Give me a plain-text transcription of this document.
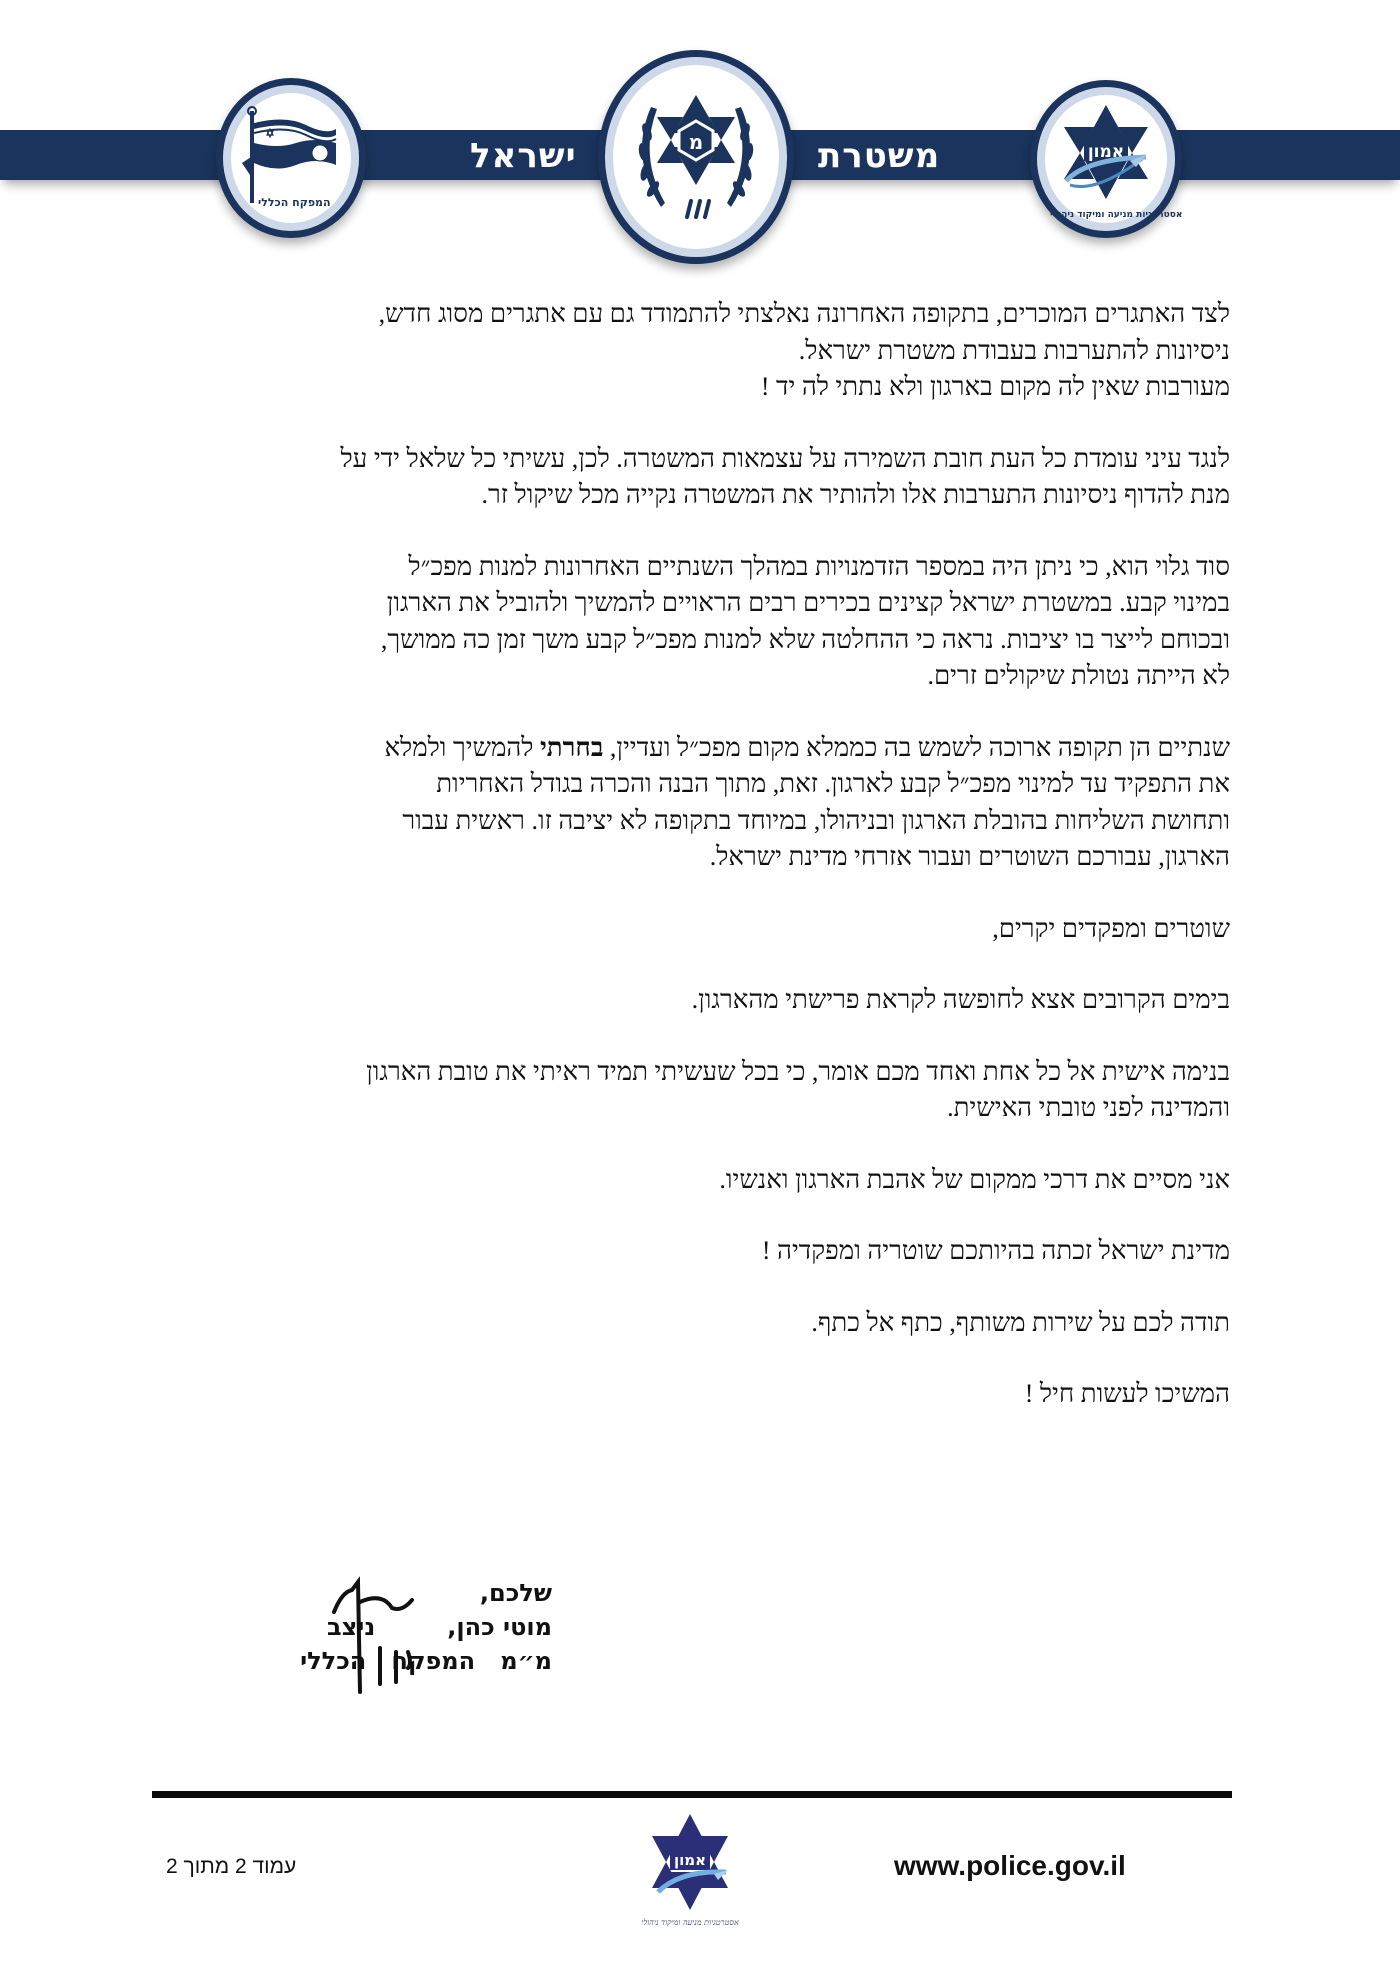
משטרת
ישראל
המפקח הכללי
מ	אמון
אסטרטגיות מניעה ומיקוד ניהולי
לצד האתגרים המוכרים, בתקופה האחרונה נאלצתי להתמודד גם עם אתגרים מסוג חדש,
ניסיונות להתערבות בעבודת משטרת ישראל.
מעורבות שאין לה מקום בארגון ולא נתתי לה יד !
לנגד עיני עומדת כל העת חובת השמירה על עצמאות המשטרה. לכן, עשיתי כל שלאל ידי על
מנת להדוף ניסיונות התערבות אלו ולהותיר את המשטרה נקייה מכל שיקול זר.
סוד גלוי הוא, כי ניתן היה במספר הזדמנויות במהלך השנתיים האחרונות למנות מפכ״ל
במינוי קבע. במשטרת ישראל קצינים בכירים רבים הראויים להמשיך ולהוביל את הארגון
ובכוחם לייצר בו יציבות. נראה כי ההחלטה שלא למנות מפכ״ל קבע משך זמן כה ממושך,
לא הייתה נטולת שיקולים זרים.
שנתיים הן תקופה ארוכה לשמש בה כממלא מקום מפכ״ל ועדיין, בחרתי להמשיך ולמלא
את התפקיד עד למינוי מפכ״ל קבע לארגון. זאת, מתוך הבנה והכרה בגודל האחריות
ותחושת השליחות בהובלת הארגון ובניהולו, במיוחד בתקופה לא יציבה זו. ראשית עבור
הארגון, עבורכם השוטרים ועבור אזרחי מדינת ישראל.
שוטרים ומפקדים יקרים,
בימים הקרובים אצא לחופשה לקראת פרישתי מהארגון.
בנימה אישית אל כל אחת ואחד מכם אומר, כי בכל שעשיתי תמיד ראיתי את טובת הארגון
והמדינה לפני טובתי האישית.
אני מסיים את דרכי ממקום של אהבת הארגון ואנשיו.
מדינת ישראל זכתה בהיותכם שוטריה ומפקדיה !
תודה לכם על שירות משותף, כתף אל כתף.
המשיכו לעשות חיל !
שלכם,
מוטי כהן,ניצב
מ״מ   המפקח   הכללי
www.police.gov.il
עמוד 2 מתוך 2	אמון
אסטרטגיות מניעה ומיקוד ניהולי
